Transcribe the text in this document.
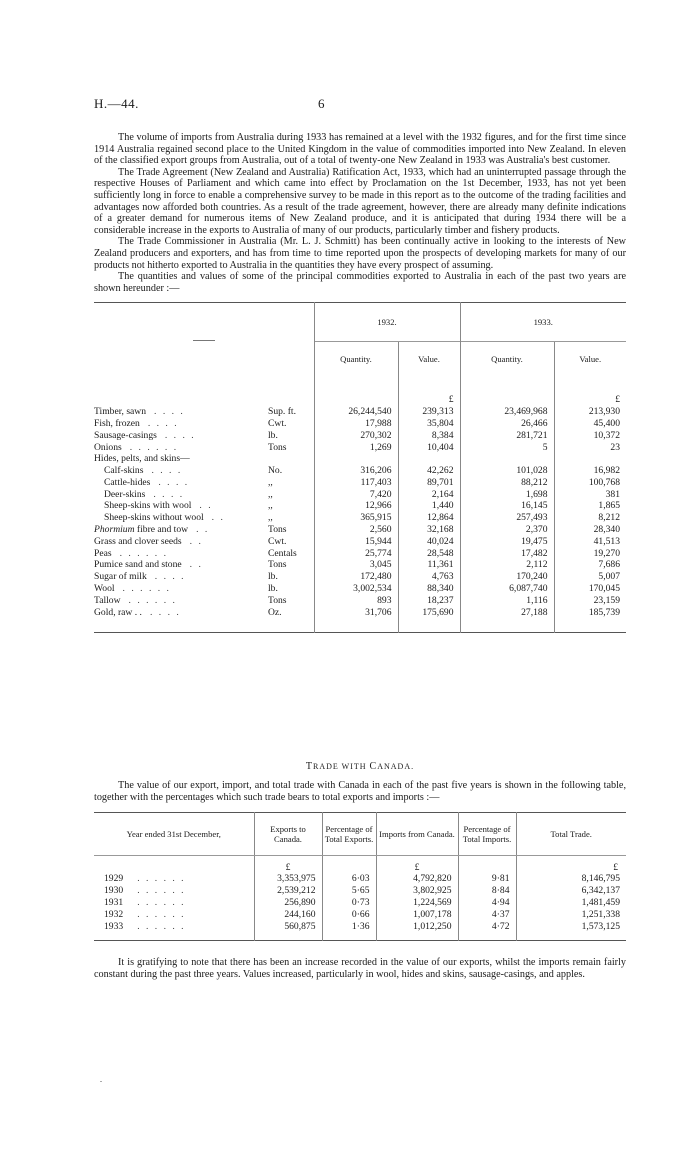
H.—44.	6

The volume of imports from Australia during 1933 has remained at a level with the 1932 figures, and for the first time since 1914 Australia regained second place to the United Kingdom in the value of commodities imported into New Zealand. In eleven of the classified export groups from Australia, out of a total of twenty-one New Zealand in 1933 was Australia's best customer.

The Trade Agreement (New Zealand and Australia) Ratification Act, 1933, which had an uninterrupted passage through the respective Houses of Parliament and which came into effect by Proclamation on the 1st December, 1933, has not yet been sufficiently long in force to enable a comprehensive survey to be made in this report as to the outcome of the trading facilities and advantages now afforded both countries. As a result of the trade agreement, however, there are already many definite indications of a greater demand for numerous items of New Zealand produce, and it is anticipated that during 1934 there will be a considerable increase in the exports to Australia of many of our products, particularly timber and fishery products.

The Trade Commissioner in Australia (Mr. L. J. Schmitt) has been continually active in looking to the interests of New Zealand producers and exporters, and has from time to time reported upon the prospects of developing markets for many of our products not hitherto exported to Australia in the quantities they have every prospect of assuming.

The quantities and values of some of the principal commodities exported to Australia in each of the past two years are shown hereunder :—

		1932.		1933.	
		Quantity.	Value.	Quantity.	Value.
			£		£
Timber, sawn . . . .	Sup. ft.	26,244,540	239,313	23,469,968	213,930
Fish, frozen . . . .	Cwt.	17,988	35,804	26,466	45,400
Sausage-casings . . . .	lb.	270,302	8,384	281,721	10,372
Onions . . . . . .	Tons	1,269	10,404	5	23
Hides, pelts, and skins—					
Calf-skins . . . .	No.	316,206	42,262	101,028	16,982
Cattle-hides . . . .	,,	117,403	89,701	88,212	100,768
Deer-skins . . . .	,,	7,420	2,164	1,698	381
Sheep-skins with wool . .	,,	12,966	1,440	16,145	1,865
Sheep-skins without wool . .	,,	365,915	12,864	257,493	8,212
Phormium fibre and tow . .	Tons	2,560	32,168	2,370	28,340
Grass and clover seeds . .	Cwt.	15,944	40,024	19,475	41,513
Peas . . . . . .	Centals	25,774	28,548	17,482	19,270
Pumice sand and stone . .	Tons	3,045	11,361	2,112	7,686
Sugar of milk . . . .	lb.	172,480	4,763	170,240	5,007
Wool . . . . . .	lb.	3,002,534	88,340	6,087,740	170,045
Tallow . . . . . .	Tons	893	18,237	1,116	23,159
Gold, raw . . . . . .	Oz.	31,706	175,690	27,188	185,739
TRADE WITH CANADA.

The value of our export, import, and total trade with Canada in each of the past five years is shown in the following table, together with the percentages which such trade bears to total exports and imports :—

Year ended 31st December,	Exports to Canada.	Percentage of Total Exports.	Imports from Canada.	Percentage of Total Imports.	Total Trade.
	£		£		£
1929 . . . . . .	3,353,975	6·03	4,792,820	9·81	8,146,795
1930 . . . . . .	2,539,212	5·65	3,802,925	8·84	6,342,137
1931 . . . . . .	256,890	0·73	1,224,569	4·94	1,481,459
1932 . . . . . .	244,160	0·66	1,007,178	4·37	1,251,338
1933 . . . . . .	560,875	1·36	1,012,250	4·72	1,573,125

It is gratifying to note that there has been an increase recorded in the value of our exports, whilst the imports remain fairly constant during the past three years. Values increased, particularly in wool, hides and skins, sausage-casings, and apples.

.
